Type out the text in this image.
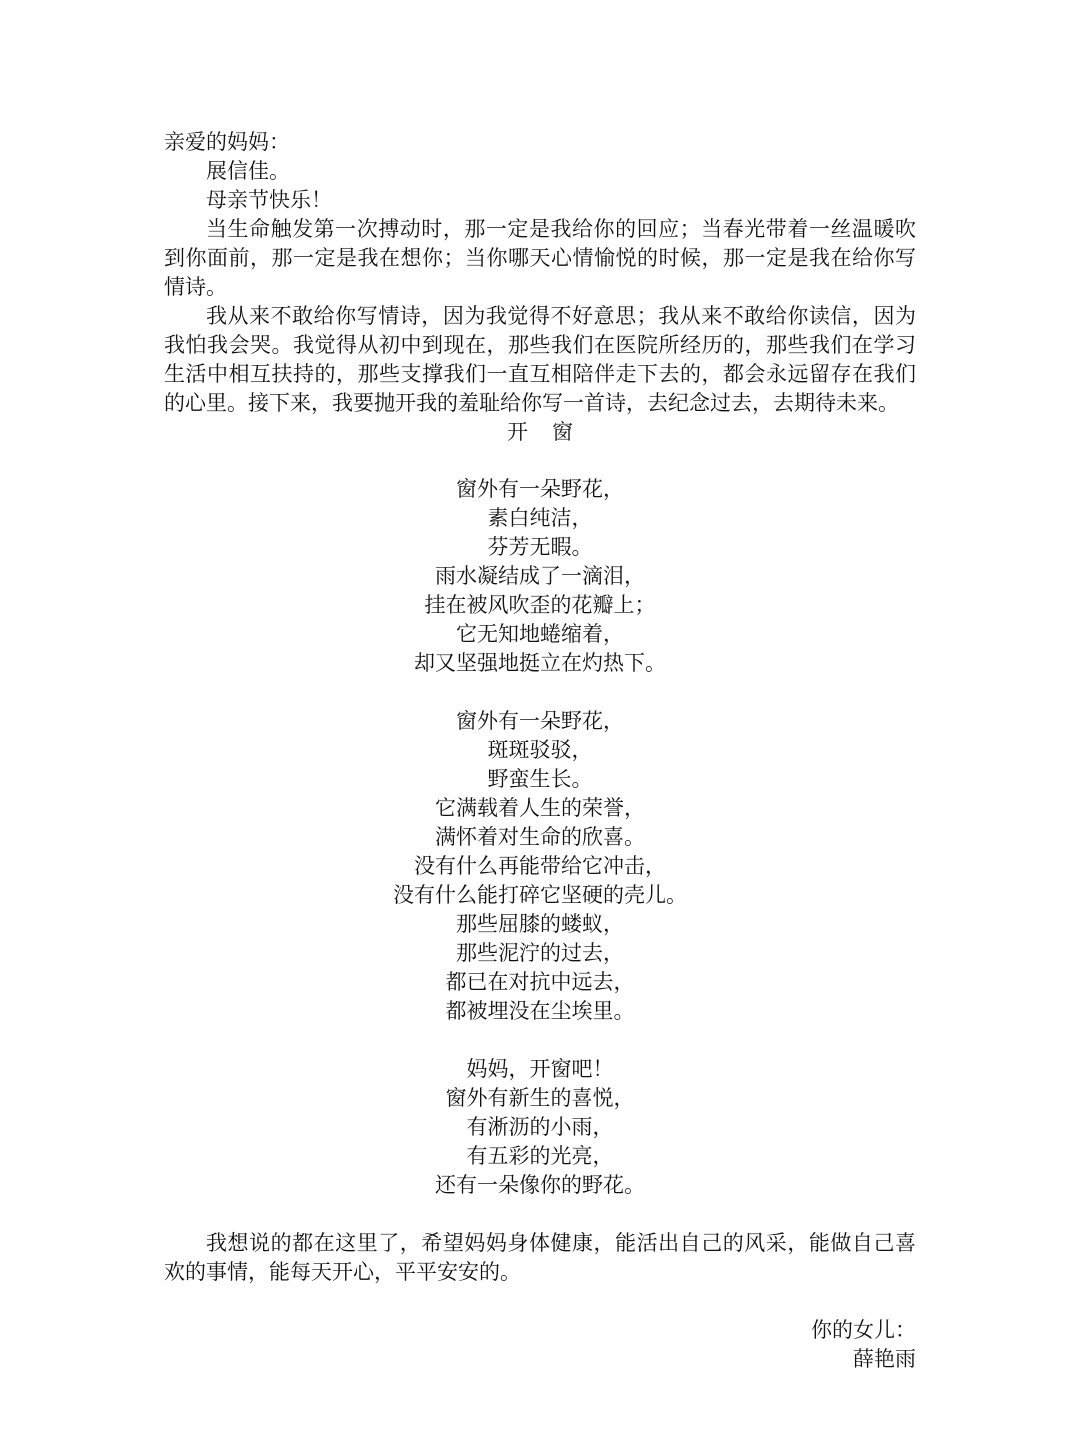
亲爱的妈妈：

展信佳。

母亲节快乐！

当生命触发第一次搏动时，那一定是我给你的回应；当春光带着一丝温暖吹到你面前，那一定是我在想你；当你哪天心情愉悦的时候，那一定是我在给你写情诗。

我从来不敢给你写情诗，因为我觉得不好意思；我从来不敢给你读信，因为我怕我会哭。我觉得从初中到现在，那些我们在医院所经历的，那些我们在学习生活中相互扶持的，那些支撑我们一直互相陪伴走下去的，都会永远留存在我们的心里。接下来，我要抛开我的羞耻给你写一首诗，去纪念过去，去期待未来。

开窗

窗外有一朵野花，

素白纯洁，

芬芳无暇。

雨水凝结成了一滴泪，

挂在被风吹歪的花瓣上；

它无知地蜷缩着，

却又坚强地挺立在灼热下。

窗外有一朵野花，

斑斑驳驳，

野蛮生长。

它满载着人生的荣誉，

满怀着对生命的欣喜。

没有什么再能带给它冲击，

没有什么能打碎它坚硬的壳儿。

那些屈膝的蝼蚁，

那些泥泞的过去，

都已在对抗中远去，

都被埋没在尘埃里。

妈妈，开窗吧！

窗外有新生的喜悦，

有淅沥的小雨，

有五彩的光亮，

还有一朵像你的野花。

我想说的都在这里了，希望妈妈身体健康，能活出自己的风采，能做自己喜欢的事情，能每天开心，平平安安的。

你的女儿：

薛艳雨
